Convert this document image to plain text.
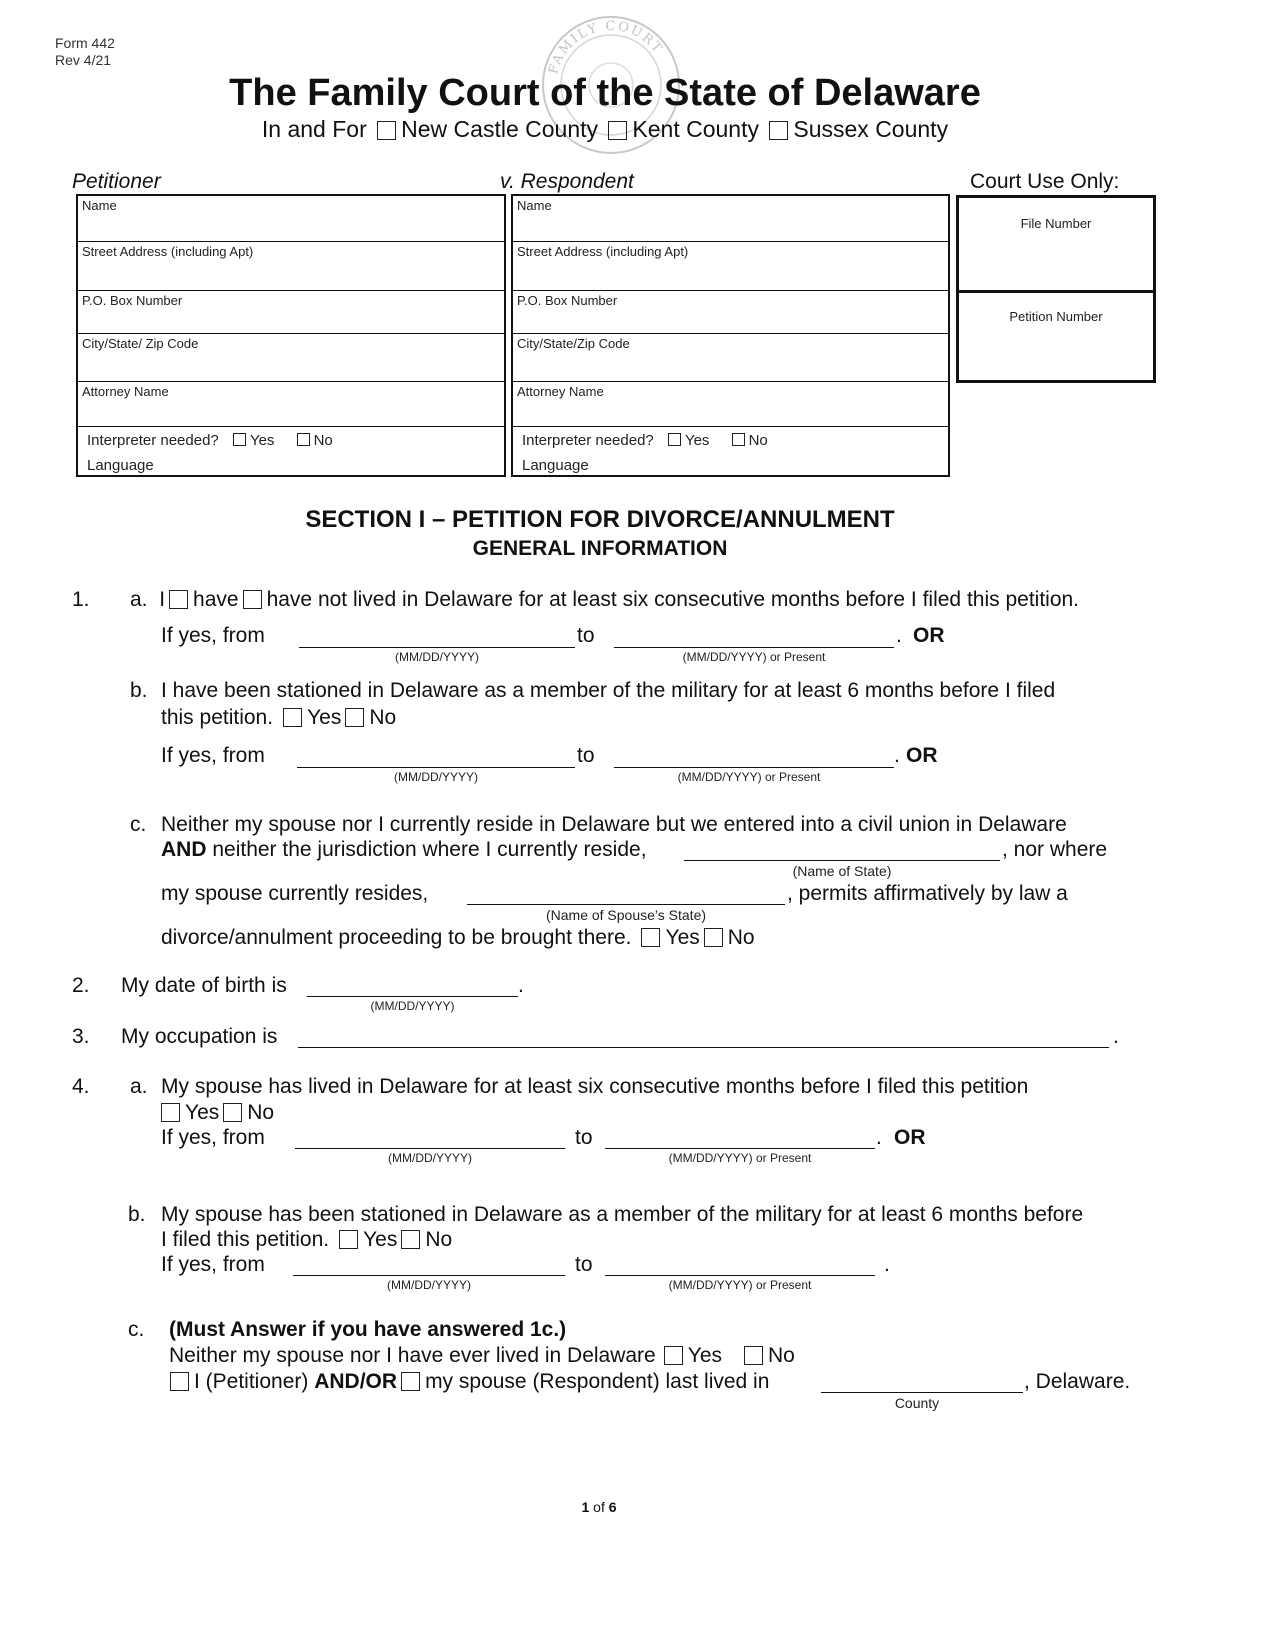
Form 442
Rev 4/21
FAMILY COURT
The Family Court of the State of Delaware
In and For New Castle County Kent County Sussex County
Petitioner	v. Respondent	Court Use Only:
Name
Street Address (including Apt)
P.O. Box Number
City/State/ Zip Code
Attorney Name
Interpreter needed? Yes	No
Language
Name
Street Address (including Apt)
P.O. Box Number
City/State/Zip Code
Attorney Name
Interpreter needed? Yes	No
Language
File Number
Petition Number
SECTION I – PETITION FOR DIVORCE/ANNULMENT
GENERAL INFORMATION
1. a. I have have not lived in Delaware for at least six consecutive months before I filed this petition.
If yes, from
(MM/DD/YYYY)
to
(MM/DD/YYYY) or Present
. OR
b. I have been stationed in Delaware as a member of the military for at least 6 months before I filed
this petition. Yes No
If yes, from
(MM/DD/YYYY)
to
(MM/DD/YYYY) or Present
. OR
c. Neither my spouse nor I currently reside in Delaware but we entered into a civil union in Delaware
AND neither the jurisdiction where I currently reside,
(Name of State)
, nor where
my spouse currently resides,
(Name of Spouse’s State)
, permits affirmatively by law a
divorce/annulment proceeding to be brought there. Yes No
2. My date of birth is
(MM/DD/YYYY)
.
3. My occupation is	.
4. a. My spouse has lived in Delaware for at least six consecutive months before I filed this petition
Yes No
If yes, from
(MM/DD/YYYY)
to
(MM/DD/YYYY) or Present
. OR
b. My spouse has been stationed in Delaware as a member of the military for at least 6 months before
I filed this petition. Yes No
If yes, from
(MM/DD/YYYY)
to
(MM/DD/YYYY) or Present
.
c. (Must Answer if you have answered 1c.)
Neither my spouse nor I have ever lived in Delaware Yes No
I (Petitioner) AND/OR my spouse (Respondent) last lived in
County
, Delaware.
1 of 6
